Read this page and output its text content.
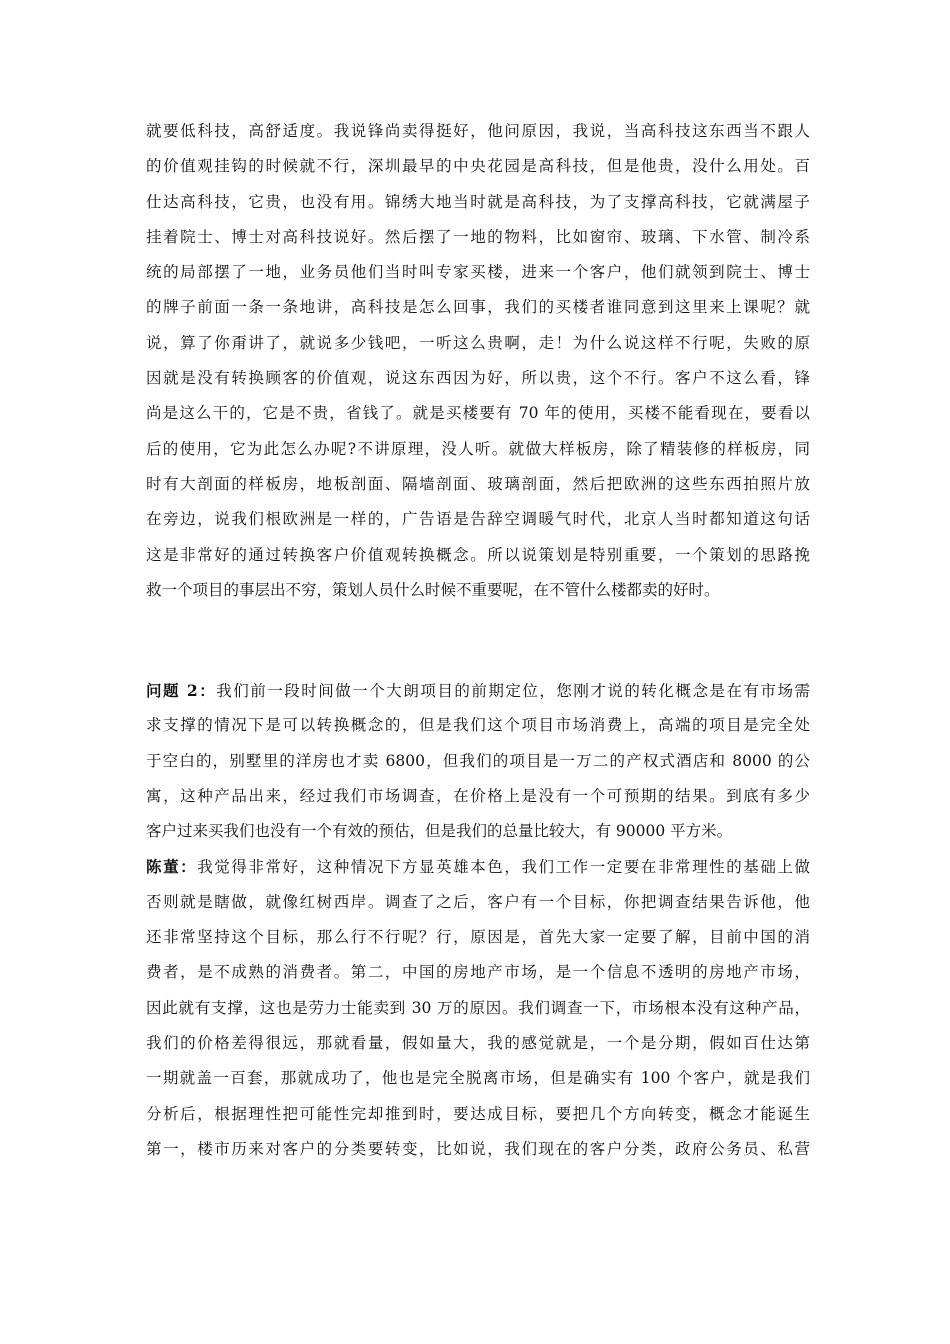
就要低科技，高舒适度。我说锋尚卖得挺好，他问原因，我说，当高科技这东西当不跟人
的价值观挂钩的时候就不行，深圳最早的中央花园是高科技，但是他贵，没什么用处。百
仕达高科技，它贵，也没有用。锦绣大地当时就是高科技，为了支撑高科技，它就满屋子
挂着院士、博士对高科技说好。然后摆了一地的物料，比如窗帘、玻璃、下水管、制冷系
统的局部摆了一地，业务员他们当时叫专家买楼，进来一个客户，他们就领到院士、博士
的牌子前面一条一条地讲，高科技是怎么回事，我们的买楼者谁同意到这里来上课呢？就
说，算了你甭讲了，就说多少钱吧，一听这么贵啊，走！为什么说这样不行呢，失败的原
因就是没有转换顾客的价值观，说这东西因为好，所以贵，这个不行。客户不这么看，锋
尚是这么干的，它是不贵，省钱了。就是买楼要有 70 年的使用，买楼不能看现在，要看以
后的使用，它为此怎么办呢?不讲原理，没人听。就做大样板房，除了精装修的样板房，同
时有大剖面的样板房，地板剖面、隔墙剖面、玻璃剖面，然后把欧洲的这些东西拍照片放
在旁边，说我们根欧洲是一样的，广告语是告辞空调暖气时代，北京人当时都知道这句话
这是非常好的通过转换客户价值观转换概念。所以说策划是特别重要，一个策划的思路挽
救一个项目的事层出不穷，策划人员什么时候不重要呢，在不管什么楼都卖的好时。
问题 2：我们前一段时间做一个大朗项目的前期定位，您刚才说的转化概念是在有市场需
求支撑的情况下是可以转换概念的，但是我们这个项目市场消费上，高端的项目是完全处
于空白的，别墅里的洋房也才卖 6800，但我们的项目是一万二的产权式酒店和 8000 的公
寓，这种产品出来，经过我们市场调查，在价格上是没有一个可预期的结果。到底有多少
客户过来买我们也没有一个有效的预估，但是我们的总量比较大，有 90000 平方米。
陈董：我觉得非常好，这种情况下方显英雄本色，我们工作一定要在非常理性的基础上做
否则就是瞎做，就像红树西岸。调查了之后，客户有一个目标，你把调查结果告诉他，他
还非常坚持这个目标，那么行不行呢？行，原因是，首先大家一定要了解，目前中国的消
费者，是不成熟的消费者。第二，中国的房地产市场，是一个信息不透明的房地产市场，
因此就有支撑，这也是劳力士能卖到 30 万的原因。我们调查一下，市场根本没有这种产品，
我们的价格差得很远，那就看量，假如量大，我的感觉就是，一个是分期，假如百仕达第
一期就盖一百套，那就成功了，他也是完全脱离市场，但是确实有 100 个客户，就是我们
分析后，根据理性把可能性完却推到时，要达成目标，要把几个方向转变，概念才能诞生
第一，楼市历来对客户的分类要转变，比如说，我们现在的客户分类，政府公务员、私营
